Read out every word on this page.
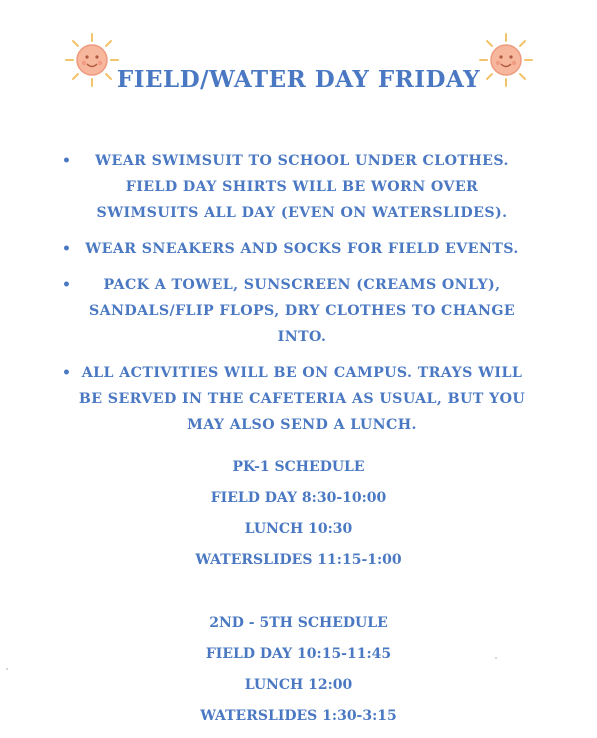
FIELD/WATER DAY FRIDAY
• WEAR SWIMSUIT TO SCHOOL UNDER CLOTHES. FIELD DAY SHIRTS WILL BE WORN OVER SWIMSUITS ALL DAY (EVEN ON WATERSLIDES).
• WEAR SNEAKERS AND SOCKS FOR FIELD EVENTS.
• PACK A TOWEL, SUNSCREEN (CREAMS ONLY), SANDALS/FLIP FLOPS, DRY CLOTHES TO CHANGE INTO.
• ALL ACTIVITIES WILL BE ON CAMPUS. TRAYS WILL BE SERVED IN THE CAFETERIA AS USUAL, BUT YOU MAY ALSO SEND A LUNCH.
PK-1 SCHEDULE
FIELD DAY 8:30-10:00
LUNCH 10:30
WATERSLIDES 11:15-1:00
2ND - 5TH SCHEDULE
FIELD DAY 10:15-11:45
LUNCH 12:00
WATERSLIDES 1:30-3:15
